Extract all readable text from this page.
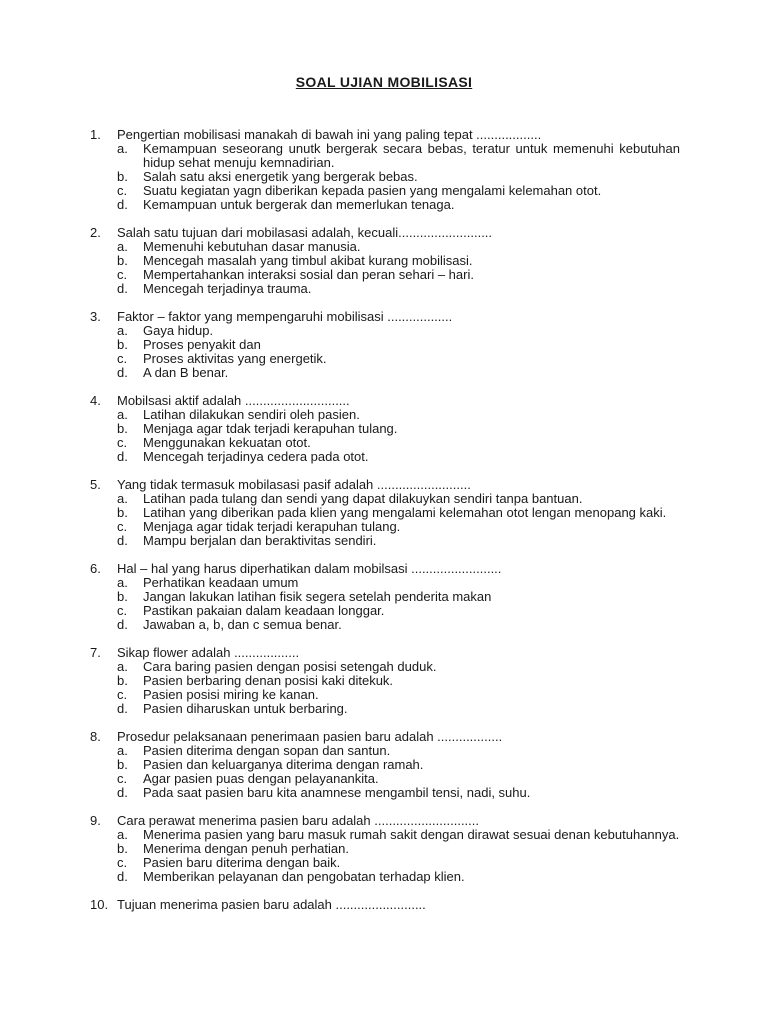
SOAL UJIAN MOBILISASI
1.	Pengertian mobilisasi manakah di bawah ini yang paling tepat ..................
a.	Kemampuan seseorang unutk bergerak secara bebas, teratur untuk memenuhi kebutuhan hidup sehat menuju kemnadirian.
b.	Salah satu aksi energetik yang bergerak bebas.
c.	Suatu kegiatan yagn diberikan kepada pasien yang mengalami kelemahan otot.
d.	Kemampuan untuk bergerak dan memerlukan tenaga.
2.	Salah satu tujuan dari mobilasasi adalah, kecuali..........................
a.	Memenuhi kebutuhan dasar manusia.
b.	Mencegah masalah yang timbul akibat kurang mobilisasi.
c.	Mempertahankan interaksi sosial dan peran sehari – hari.
d.	Mencegah terjadinya trauma.
3.	Faktor – faktor yang mempengaruhi mobilisasi ..................
a.	Gaya hidup.
b.	Proses penyakit dan
c.	Proses aktivitas yang energetik.
d.	A dan B benar.
4.	Mobilsasi aktif adalah .............................
a.	Latihan dilakukan sendiri oleh pasien.
b.	Menjaga agar tdak terjadi kerapuhan tulang.
c.	Menggunakan kekuatan otot.
d.	Mencegah terjadinya cedera pada otot.
5.	Yang tidak termasuk mobilasasi pasif adalah ..........................
a.	Latihan pada tulang dan sendi yang dapat dilakuykan sendiri tanpa bantuan.
b.	Latihan yang diberikan pada klien yang mengalami kelemahan otot lengan menopang kaki.
c.	Menjaga agar tidak terjadi kerapuhan tulang.
d.	Mampu berjalan dan beraktivitas sendiri.
6.	Hal – hal yang harus diperhatikan dalam mobilsasi .........................
a.	Perhatikan keadaan umum
b.	Jangan lakukan latihan fisik segera setelah penderita makan
c.	Pastikan pakaian dalam keadaan longgar.
d.	Jawaban a, b, dan c semua benar.
7.	Sikap flower adalah ..................
a.	Cara baring pasien dengan posisi setengah duduk.
b.	Pasien berbaring denan posisi kaki ditekuk.
c.	Pasien posisi miring ke kanan.
d.	Pasien diharuskan untuk berbaring.
8.	Prosedur pelaksanaan penerimaan pasien baru adalah ..................
a.	Pasien diterima dengan sopan dan santun.
b.	Pasien dan keluarganya diterima dengan ramah.
c.	Agar pasien puas dengan pelayanankita.
d.	Pada saat pasien baru kita anamnese mengambil tensi, nadi, suhu.
9.	Cara perawat menerima pasien baru adalah .............................
a.	Menerima pasien yang baru masuk rumah sakit dengan dirawat sesuai denan kebutuhannya.
b.	Menerima dengan penuh perhatian.
c.	Pasien baru diterima dengan baik.
d.	Memberikan pelayanan dan pengobatan terhadap klien.
10. Tujuan menerima pasien baru adalah .........................
